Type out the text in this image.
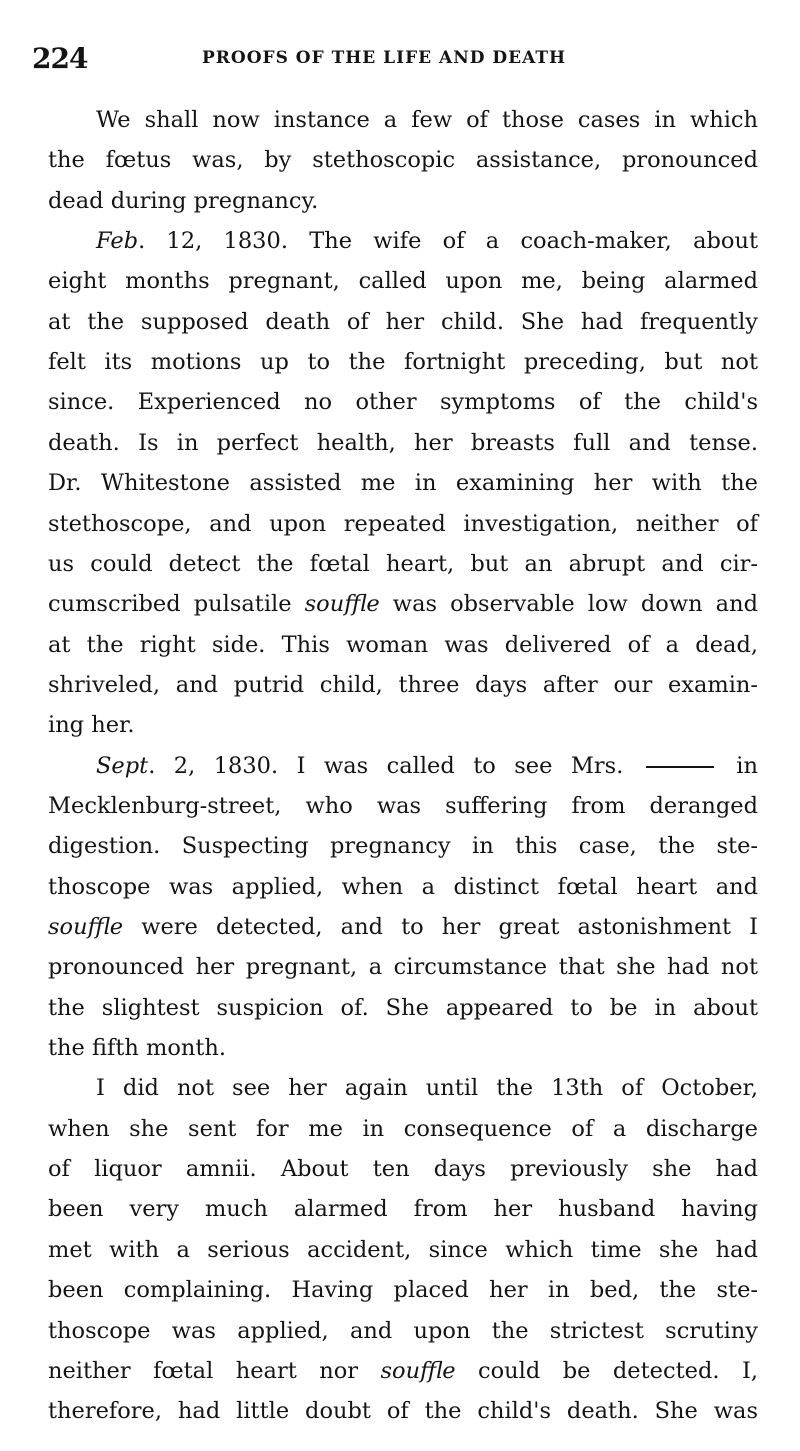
224	PROOFS OF THE LIFE AND DEATH
We shall now instance a few of those cases in which
the fœtus was, by stethoscopic assistance, pronounced
dead during pregnancy.
Feb. 12, 1830. The wife of a coach-maker, about
eight months pregnant, called upon me, being alarmed
at the supposed death of her child. She had frequently
felt its motions up to the fortnight preceding, but not
since. Experienced no other symptoms of the child's
death. Is in perfect health, her breasts full and tense.
Dr. Whitestone assisted me in examining her with the
stethoscope, and upon repeated investigation, neither of
us could detect the fœtal heart, but an abrupt and cir-
cumscribed pulsatile souffle was observable low down and
at the right side. This woman was delivered of a dead,
shriveled, and putrid child, three days after our examin-
ing her.
Sept. 2, 1830. I was called to see Mrs.	in
Mecklenburg-street, who was suffering from deranged
digestion. Suspecting pregnancy in this case, the ste-
thoscope was applied, when a distinct fœtal heart and
souffle were detected, and to her great astonishment I
pronounced her pregnant, a circumstance that she had not
the slightest suspicion of. She appeared to be in about
the fifth month.
I did not see her again until the 13th of October,
when she sent for me in consequence of a discharge
of liquor amnii. About ten days previously she had
been very much alarmed from her husband having
met with a serious accident, since which time she had
been complaining. Having placed her in bed, the ste-
thoscope was applied, and upon the strictest scrutiny
neither fœtal heart nor souffle could be detected. I,
therefore, had little doubt of the child's death. She was
